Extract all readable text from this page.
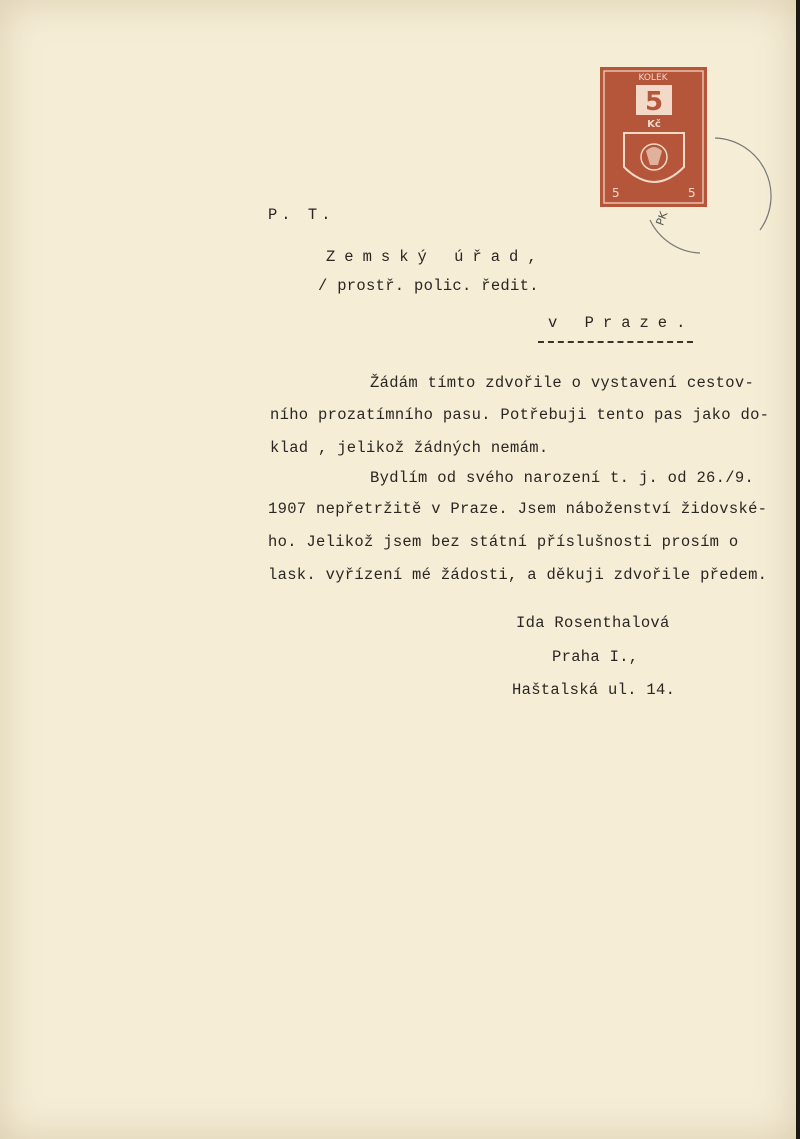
KOLEK
5
Kč
5	5
PK
P. T.
Zemský úřad,
/ prostř. polic. ředit.
v Praze.
Žádám tímto zdvořile o vystavení cestov-
ního prozatímního pasu. Potřebuji tento pas jako do-
klad , jelikož žádných nemám.
Bydlím od svého narození t. j. od 26./9.
1907 nepřetržitě v Praze. Jsem náboženství židovské-
ho. Jelikož jsem bez státní příslušnosti prosím o
lask. vyřízení mé žádosti, a děkuji zdvořile předem.
Ida Rosenthalová
Praha I.,
Haštalská ul. 14.
